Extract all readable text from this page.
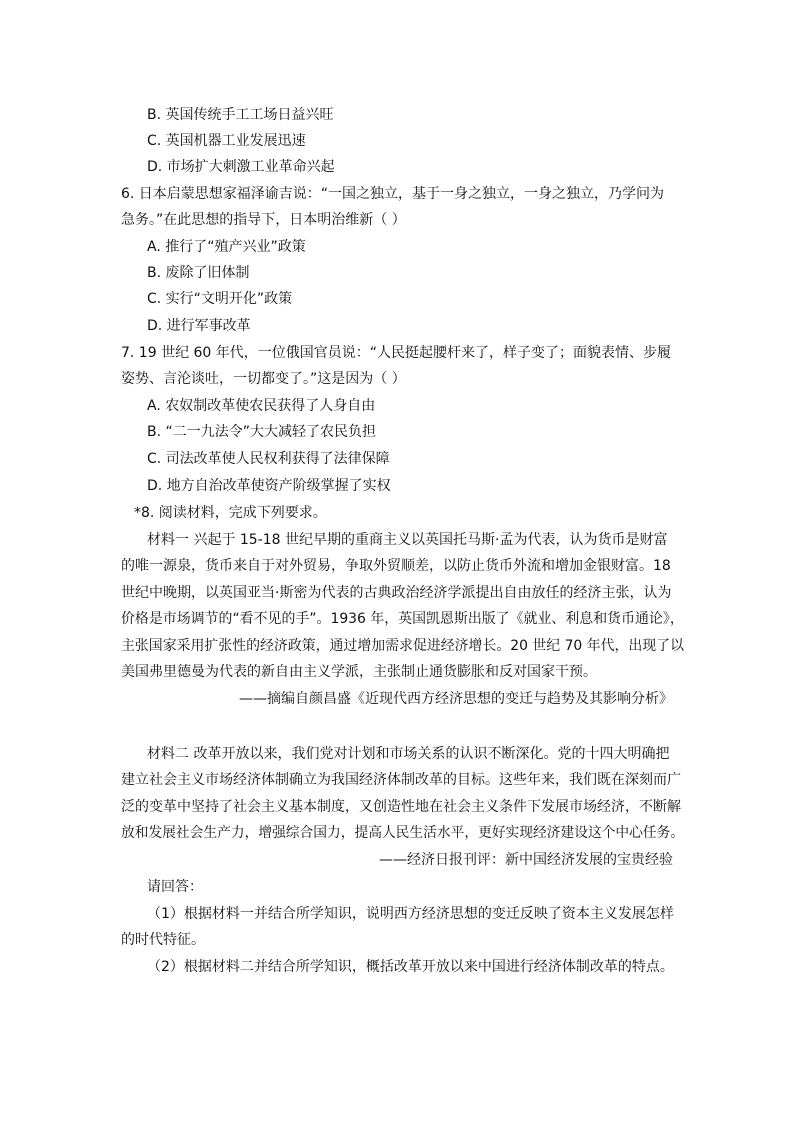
B. 英国传统手工工场日益兴旺
C. 英国机器工业发展迅速
D. 市场扩大刺激工业革命兴起
6. 日本启蒙思想家福泽谕吉说：“一国之独立，基于一身之独立，一身之独立，乃学问为
急务。”在此思想的指导下，日本明治维新（ ）
A. 推行了“殖产兴业”政策
B. 废除了旧体制
C. 实行“文明开化”政策
D. 进行军事改革
7. 19 世纪 60 年代，一位俄国官员说：“人民挺起腰杆来了，样子变了；面貌表情、步履
姿势、言沦谈吐，一切都变了。”这是因为（ ）
A. 农奴制改革使农民获得了人身自由
B. “二一九法令”大大减轻了农民负担
C. 司法改革使人民权利获得了法律保障
D. 地方自治改革使资产阶级掌握了实权
*8. 阅读材料，完成下列要求。
材料一 兴起于 15-18 世纪早期的重商主义以英国托马斯·孟为代表，认为货币是财富
的唯一源泉，货币来自于对外贸易，争取外贸顺差，以防止货币外流和增加金银财富。18
世纪中晚期，以英国亚当·斯密为代表的古典政治经济学派提出自由放任的经济主张，认为
价格是市场调节的“看不见的手”。1936 年，英国凯恩斯出版了《就业、利息和货币通论》，
主张国家采用扩张性的经济政策，通过增加需求促进经济增长。20 世纪 70 年代，出现了以
美国弗里德曼为代表的新自由主义学派，主张制止通货膨胀和反对国家干预。
——摘编自颜昌盛《近现代西方经济思想的变迁与趋势及其影响分析》
材料二 改革开放以来，我们党对计划和市场关系的认识不断深化。党的十四大明确把
建立社会主义市场经济体制确立为我国经济体制改革的目标。这些年来，我们既在深刻而广
泛的变革中坚持了社会主义基本制度，又创造性地在社会主义条件下发展市场经济，不断解
放和发展社会生产力，增强综合国力，提高人民生活水平，更好实现经济建设这个中心任务。
——经济日报刊评：新中国经济发展的宝贵经验
请回答：
（1）根据材料一并结合所学知识，说明西方经济思想的变迁反映了资本主义发展怎样
的时代特征。
（2）根据材料二并结合所学知识，概括改革开放以来中国进行经济体制改革的特点。
